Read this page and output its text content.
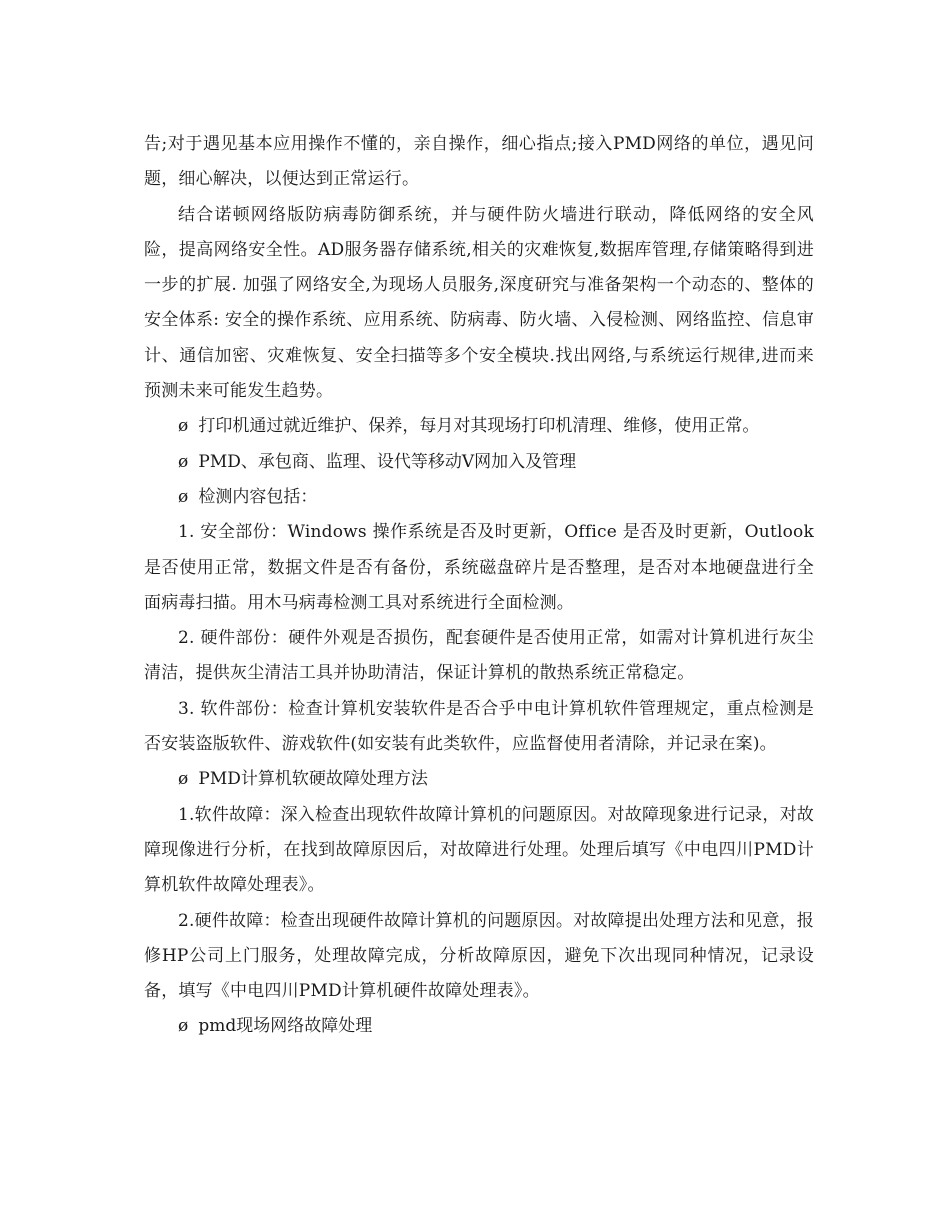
告;对于遇见基本应用操作不懂的，亲自操作，细心指点;接入PMD网络的单位，遇见问题，细心解决，以便达到正常运行。

结合诺顿网络版防病毒防御系统，并与硬件防火墙进行联动，降低网络的安全风险，提高网络安全性。AD服务器存储系统,相关的灾难恢复,数据库管理,存储策略得到进一步的扩展. 加强了网络安全,为现场人员服务,深度研究与准备架构一个动态的、整体的安全体系: 安全的操作系统、应用系统、防病毒、防火墙、入侵检测、网络监控、信息审计、通信加密、灾难恢复、安全扫描等多个安全模块.找出网络,与系统运行规律,进而来预测未来可能发生趋势。

ø 打印机通过就近维护、保养，每月对其现场打印机清理、维修，使用正常。

ø PMD、承包商、监理、设代等移动V网加入及管理

ø 检测内容包括：

1. 安全部份：Windows 操作系统是否及时更新，Office 是否及时更新，Outlook 是否使用正常，数据文件是否有备份，系统磁盘碎片是否整理，是否对本地硬盘进行全面病毒扫描。用木马病毒检测工具对系统进行全面检测。

2. 硬件部份：硬件外观是否损伤，配套硬件是否使用正常，如需对计算机进行灰尘清洁，提供灰尘清洁工具并协助清洁，保证计算机的散热系统正常稳定。

3. 软件部份：检查计算机安装软件是否合乎中电计算机软件管理规定，重点检测是否安装盗版软件、游戏软件(如安装有此类软件，应监督使用者清除，并记录在案)。

ø PMD计算机软硬故障处理方法

1.软件故障：深入检查出现软件故障计算机的问题原因。对故障现象进行记录，对故障现像进行分析，在找到故障原因后，对故障进行处理。处理后填写《中电四川PMD计算机软件故障处理表》。

2.硬件故障：检查出现硬件故障计算机的问题原因。对故障提出处理方法和见意，报修HP公司上门服务，处理故障完成，分析故障原因，避免下次出现同种情况，记录设备，填写《中电四川PMD计算机硬件故障处理表》。

ø pmd现场网络故障处理
